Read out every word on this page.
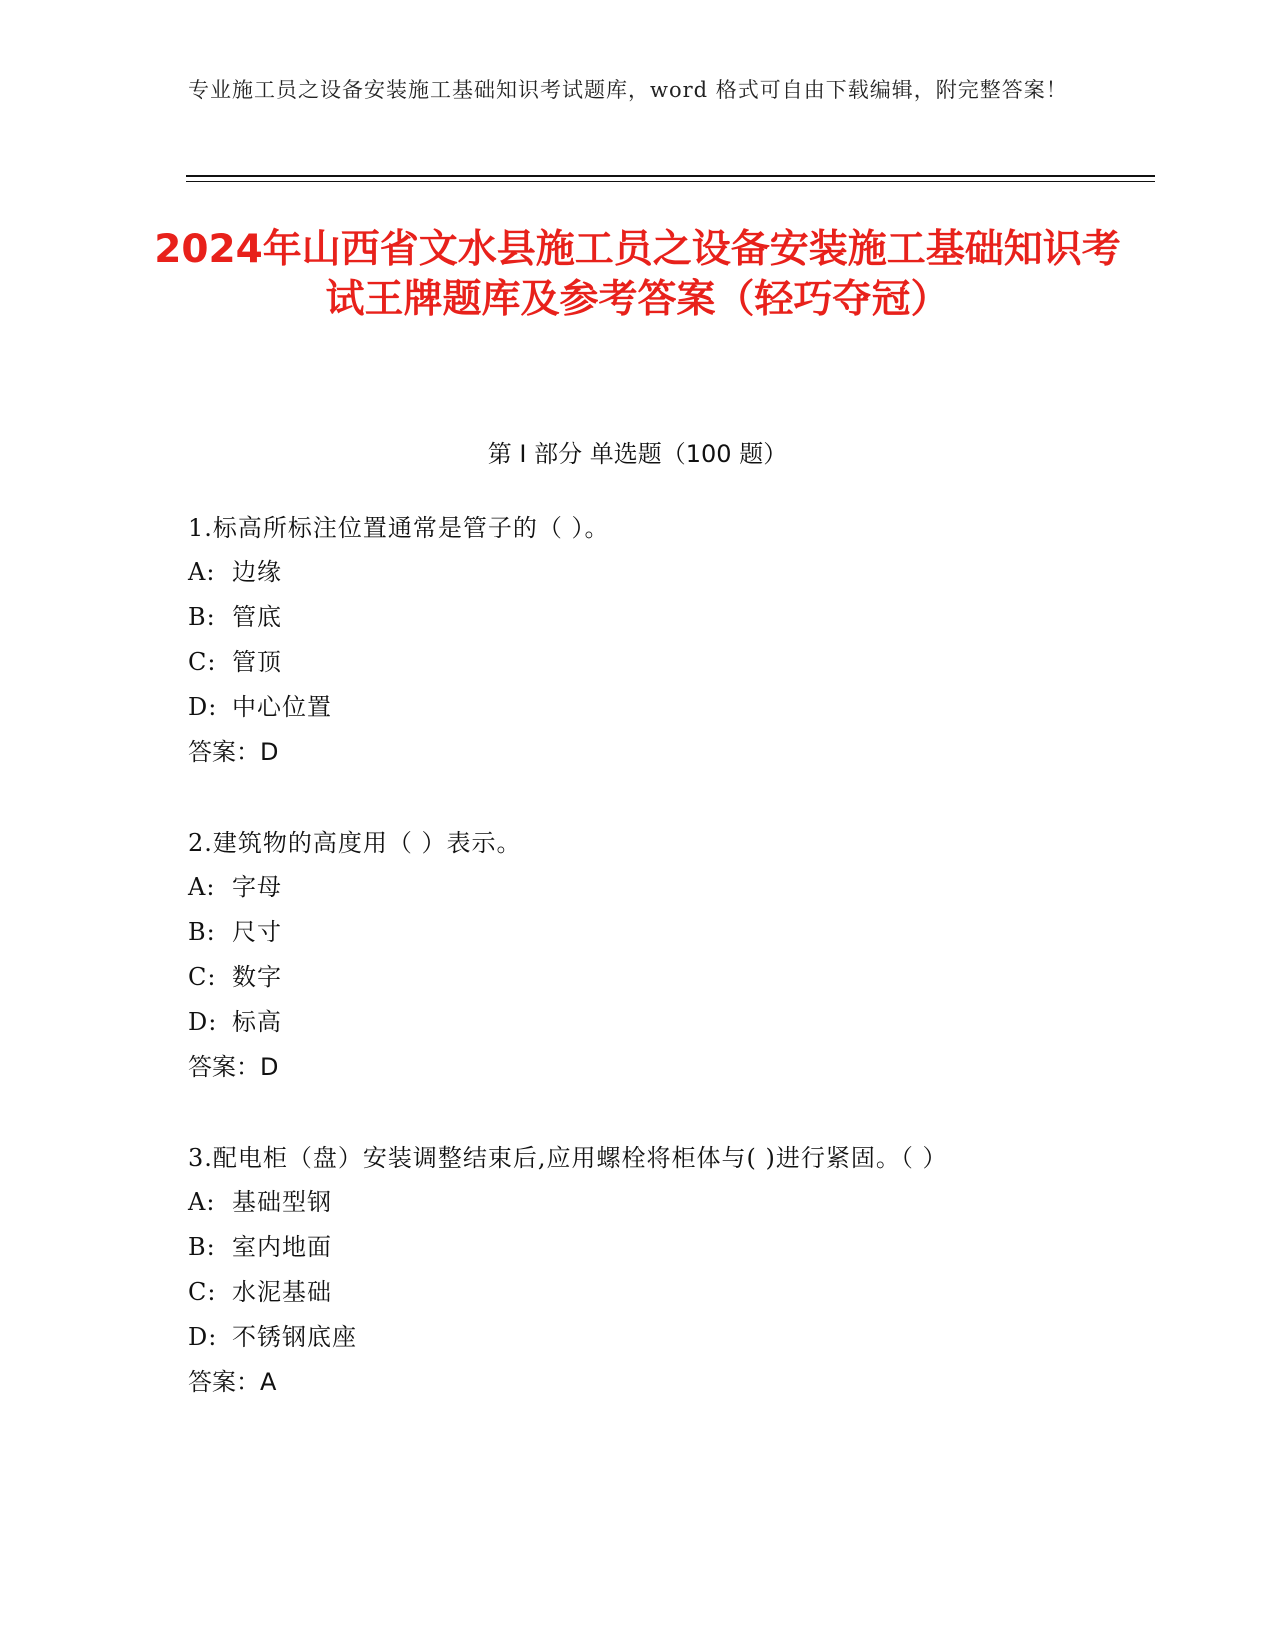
专业施工员之设备安装施工基础知识考试题库，word 格式可自由下载编辑，附完整答案！
2024年山西省文水县施工员之设备安装施工基础知识考试王牌题库及参考答案（轻巧夺冠）
第 I 部分 单选题（100 题）
1. 标高所标注位置通常是管子的（ ）。
A: 边缘
B: 管底
C: 管顶
D: 中心位置
答案：D
2. 建筑物的高度用（ ）表示。
A: 字母
B: 尺寸
C: 数字
D: 标高
答案：D
3. 配电柜（盘）安装调整结束后,应用螺栓将柜体与( )进行紧固。（ ）
A: 基础型钢
B: 室内地面
C: 水泥基础
D: 不锈钢底座
答案：A
